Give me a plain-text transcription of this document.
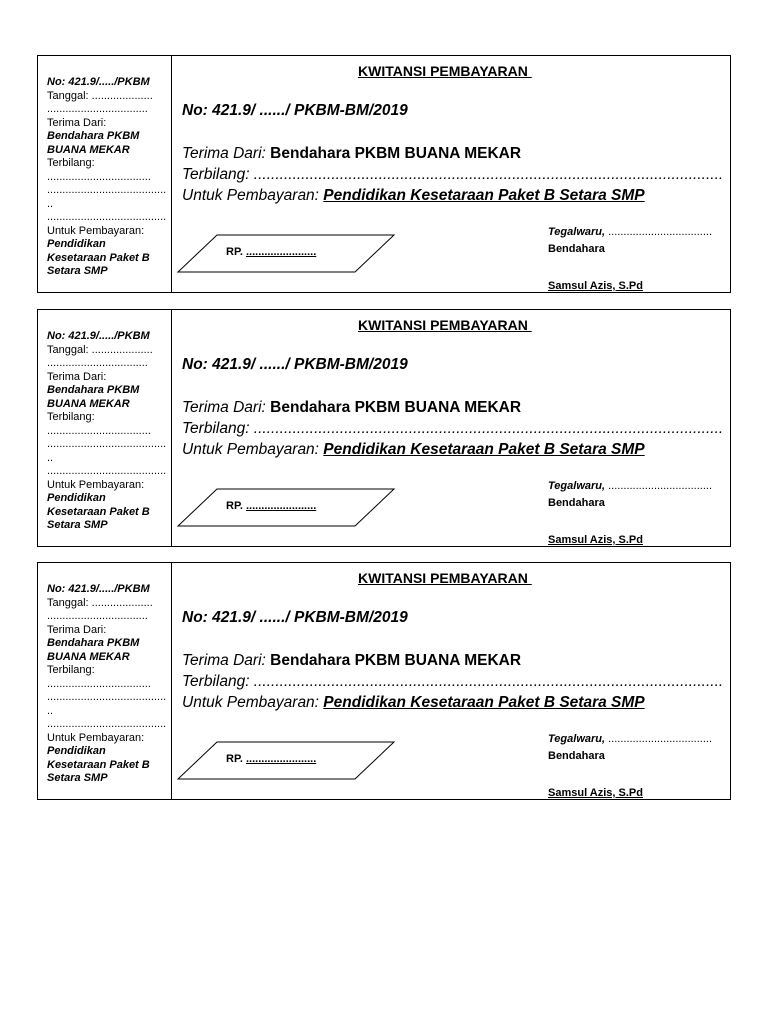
No: 421.9/...../PKBM
Tanggal: ....................
.................................
Terima Dari:
Bendahara PKBM
BUANA MEKAR
Terbilang:
..................................
.......................................
..
.......................................
Untuk Pembayaran:
Pendidikan
Kesetaraan Paket B
Setara SMP
KWITANSI PEMBAYARAN
No: 421.9/ ....../ PKBM-BM/2019
Terima Dari: Bendahara PKBM BUANA MEKAR
Terbilang: .............................................................................................................
Untuk Pembayaran: Pendidikan Kesetaraan Paket B Setara SMP
RP. .......................
Tegalwaru, ..................................
Bendahara
Samsul Azis, S.Pd
No: 421.9/...../PKBM
Tanggal: ....................
.................................
Terima Dari:
Bendahara PKBM
BUANA MEKAR
Terbilang:
..................................
.......................................
..
.......................................
Untuk Pembayaran:
Pendidikan
Kesetaraan Paket B
Setara SMP
KWITANSI PEMBAYARAN
No: 421.9/ ....../ PKBM-BM/2019
Terima Dari: Bendahara PKBM BUANA MEKAR
Terbilang: .............................................................................................................
Untuk Pembayaran: Pendidikan Kesetaraan Paket B Setara SMP
RP. .......................
Tegalwaru, ..................................
Bendahara
Samsul Azis, S.Pd
No: 421.9/...../PKBM
Tanggal: ....................
.................................
Terima Dari:
Bendahara PKBM
BUANA MEKAR
Terbilang:
..................................
.......................................
..
.......................................
Untuk Pembayaran:
Pendidikan
Kesetaraan Paket B
Setara SMP
KWITANSI PEMBAYARAN
No: 421.9/ ....../ PKBM-BM/2019
Terima Dari: Bendahara PKBM BUANA MEKAR
Terbilang: .............................................................................................................
Untuk Pembayaran: Pendidikan Kesetaraan Paket B Setara SMP
RP. .......................
Tegalwaru, ..................................
Bendahara
Samsul Azis, S.Pd
